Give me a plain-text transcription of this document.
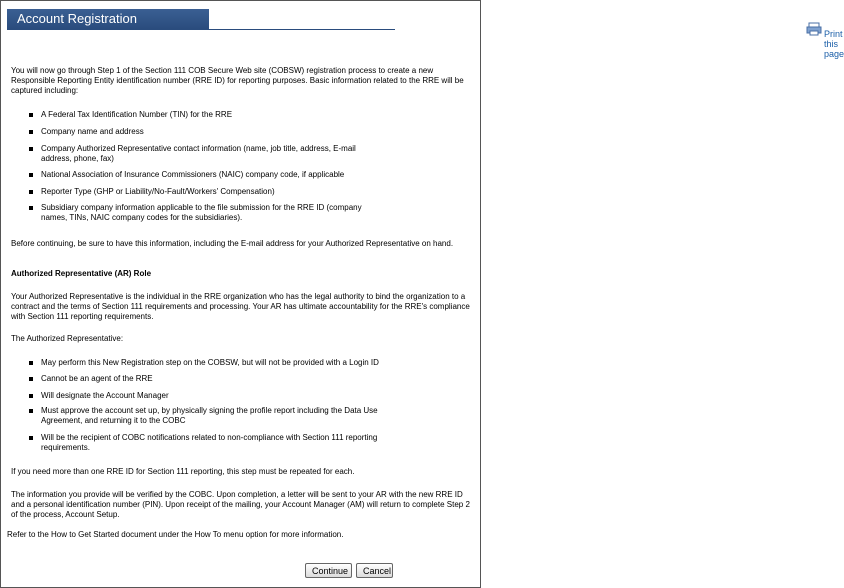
Account Registration
Print this page

You will now go through Step 1 of the Section 111 COB Secure Web site (COBSW) registration process to create a new Responsible Reporting Entity identification number (RRE ID) for reporting purposes. Basic information related to the RRE will be captured including:

A Federal Tax Identification Number (TIN) for the RRE
Company name and address
Company Authorized Representative contact information (name, job title, address, E-mail address, phone, fax)
National Association of Insurance Commissioners (NAIC) company code, if applicable
Reporter Type (GHP or Liability/No-Fault/Workers' Compensation)
Subsidiary company information applicable to the file submission for the RRE ID (company names, TINs, NAIC company codes for the subsidiaries).

Before continuing, be sure to have this information, including the E-mail address for your Authorized Representative on hand.

Authorized Representative (AR) Role

Your Authorized Representative is the individual in the RRE organization who has the legal authority to bind the organization to a contract and the terms of Section 111 requirements and processing. Your AR has ultimate accountability for the RRE's compliance with Section 111 reporting requirements.

The Authorized Representative:

May perform this New Registration step on the COBSW, but will not be provided with a Login ID
Cannot be an agent of the RRE
Will designate the Account Manager
Must approve the account set up, by physically signing the profile report including the Data Use Agreement, and returning it to the COBC
Will be the recipient of COBC notifications related to non-compliance with Section 111 reporting requirements.

If you need more than one RRE ID for Section 111 reporting, this step must be repeated for each.

The information you provide will be verified by the COBC. Upon completion, a letter will be sent to your AR with the new RRE ID and a personal identification number (PIN). Upon receipt of the mailing, your Account Manager (AM) will return to complete Step 2 of the process, Account Setup.

Refer to the How to Get Started document under the How To menu option for more information.

Continue	Cancel
